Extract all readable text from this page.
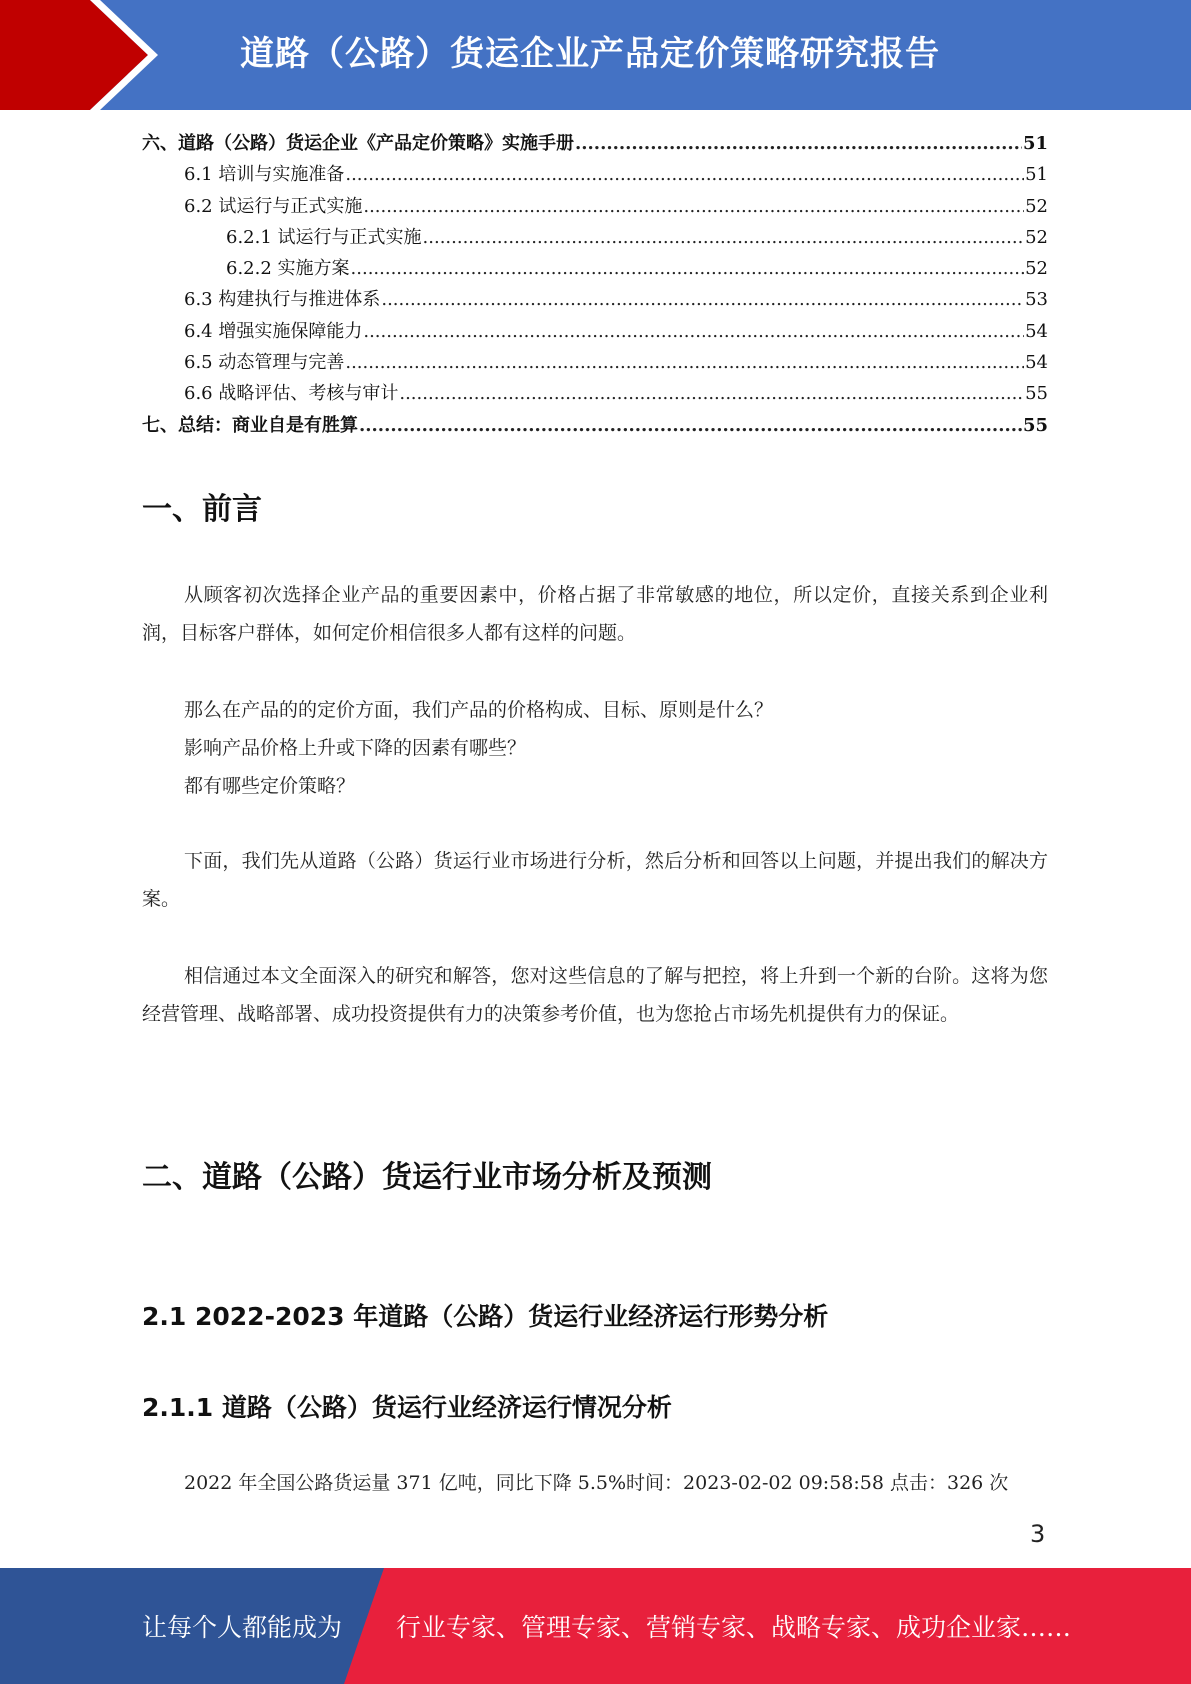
道路（公路）货运企业产品定价策略研究报告
六、道路（公路）货运企业《产品定价策略》实施手册 .....	51
6.1 培训与实施准备 .....	51
6.2 试运行与正式实施 .....	52
6.2.1 试运行与正式实施 .....	52
6.2.2 实施方案 .....	52
6.3 构建执行与推进体系 .....	53
6.4 增强实施保障能力 .....	54
6.5 动态管理与完善 .....	54
6.6 战略评估、考核与审计 .....	55
七、总结：商业自是有胜算 .....	55
一、前言

从顾客初次选择企业产品的重要因素中，价格占据了非常敏感的地位，所以定价，直接关系到企业利润，目标客户群体，如何定价相信很多人都有这样的问题。

那么在产品的的定价方面，我们产品的价格构成、目标、原则是什么？
影响产品价格上升或下降的因素有哪些？
都有哪些定价策略？

下面，我们先从道路（公路）货运行业市场进行分析，然后分析和回答以上问题，并提出我们的解决方案。

相信通过本文全面深入的研究和解答，您对这些信息的了解与把控，将上升到一个新的台阶。这将为您经营管理、战略部署、成功投资提供有力的决策参考价值，也为您抢占市场先机提供有力的保证。

二、道路（公路）货运行业市场分析及预测
2.1 2022-2023 年道路（公路）货运行业经济运行形势分析
2.1.1 道路（公路）货运行业经济运行情况分析

2022 年全国公路货运量 371 亿吨，同比下降 5.5%时间：2023-02-02 09:58:58 点击：326 次

3
让每个人都能成为 行业专家、管理专家、营销专家、战略专家、成功企业家……
